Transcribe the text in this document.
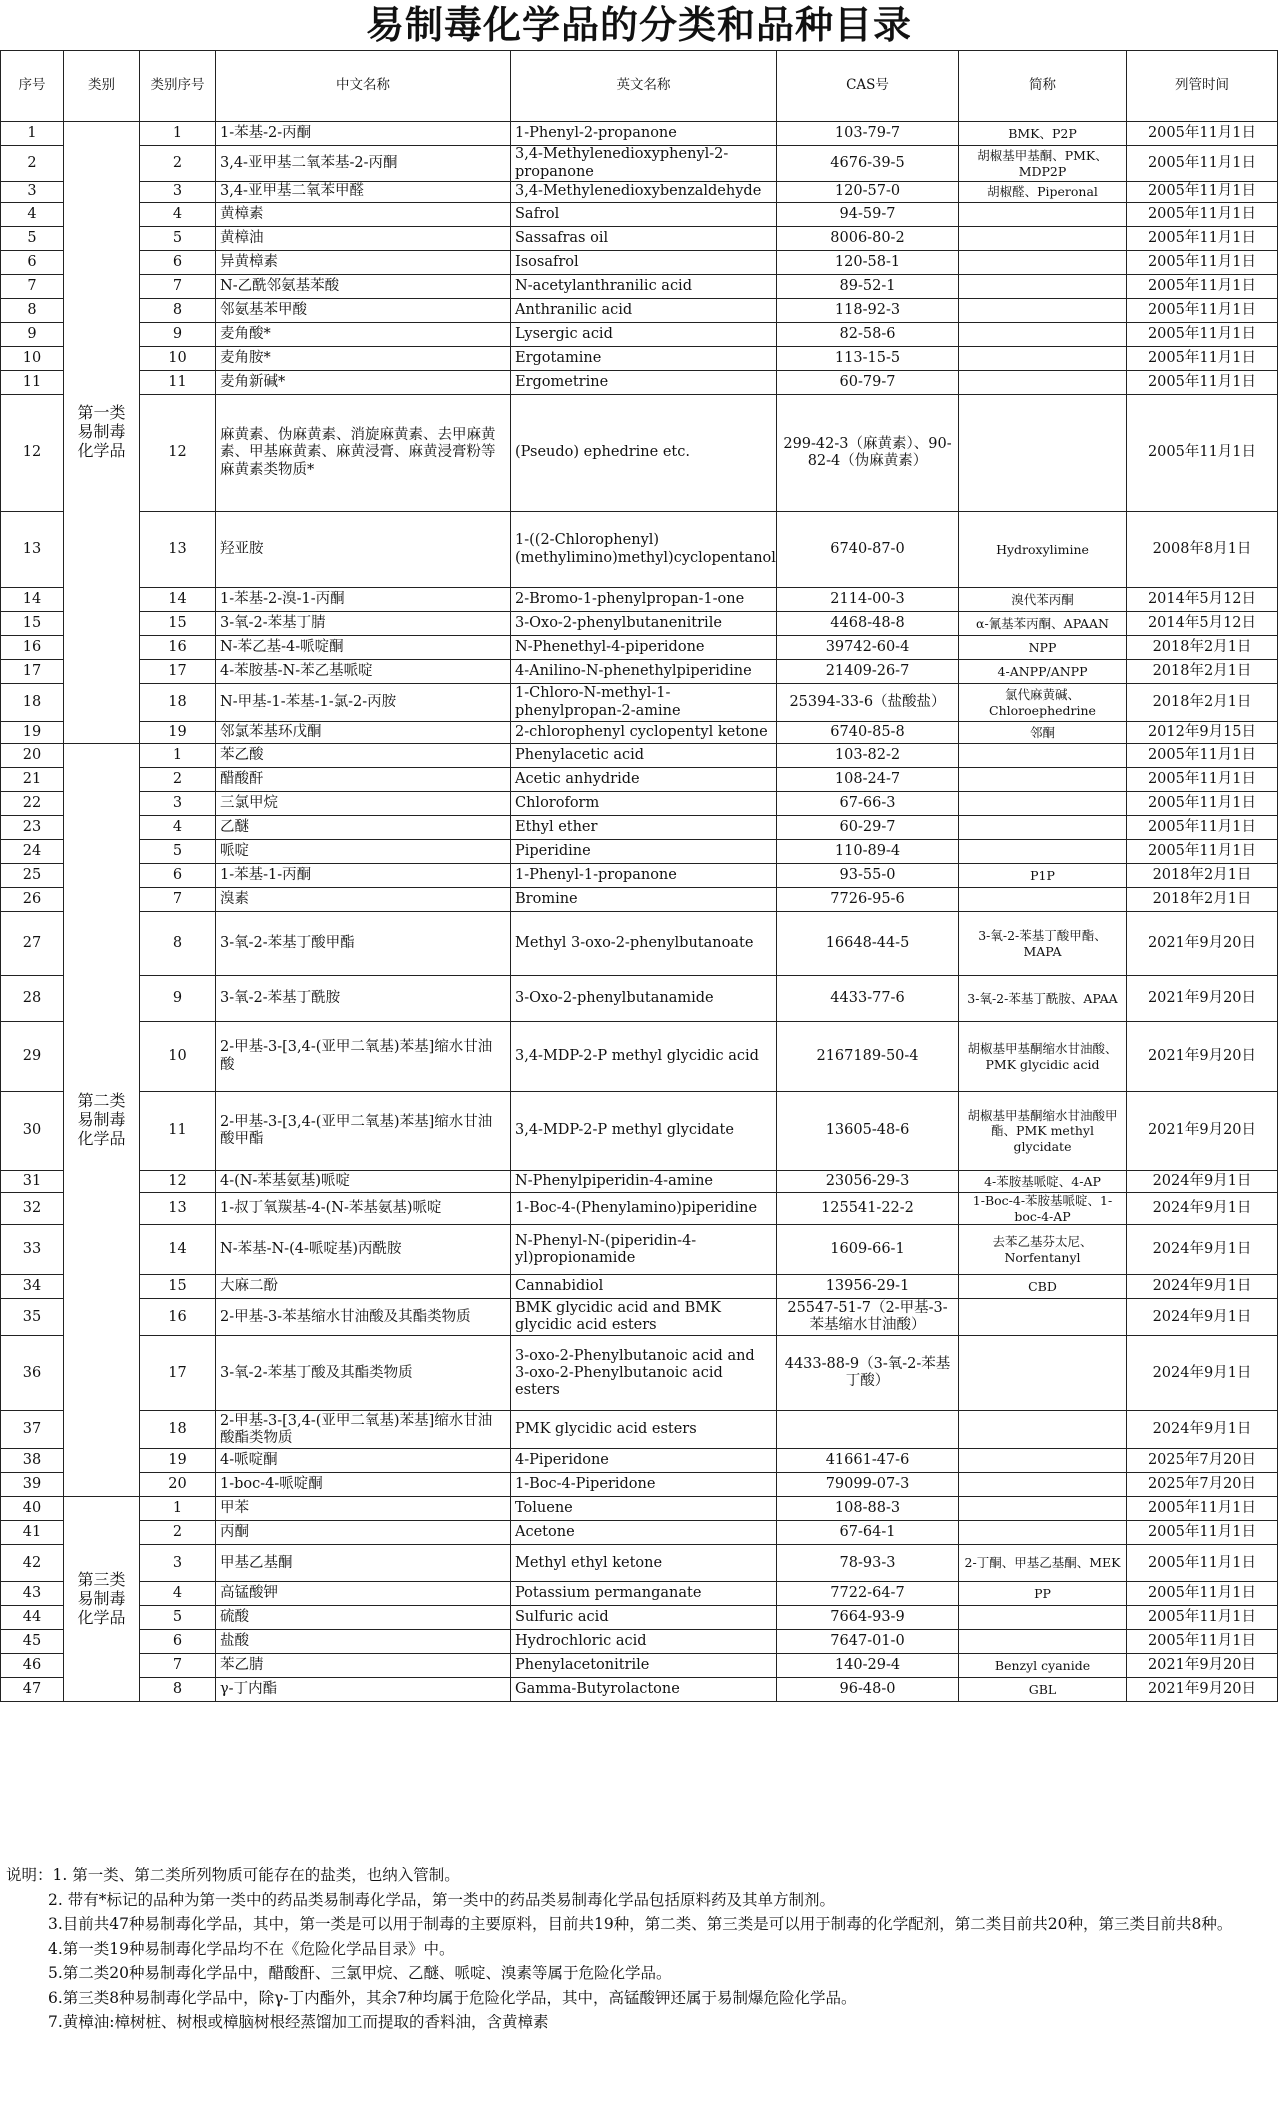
易制毒化学品的分类和品种目录
序号	类别	类别序号	中文名称	英文名称	CAS号	简称	列管时间
1	第一类易制毒化学品	1	1-苯基-2-丙酮	1-Phenyl-2-propanone	103-79-7	BMK、P2P	2005年11月1日
2		2	3,4-亚甲基二氧苯基-2-丙酮	3,4-Methylenedioxyphenyl-2-propanone	4676-39-5	胡椒基甲基酮、PMK、MDP2P	2005年11月1日
3		3	3,4-亚甲基二氧苯甲醛	3,4-Methylenedioxybenzaldehyde	120-57-0	胡椒醛、Piperonal	2005年11月1日
4		4	黄樟素	Safrol	94-59-7		2005年11月1日
5		5	黄樟油	Sassafras oil	8006-80-2		2005年11月1日
6		6	异黄樟素	Isosafrol	120-58-1		2005年11月1日
7		7	N-乙酰邻氨基苯酸	N-acetylanthranilic acid	89-52-1		2005年11月1日
8		8	邻氨基苯甲酸	Anthranilic acid	118-92-3		2005年11月1日
9		9	麦角酸*	Lysergic acid	82-58-6		2005年11月1日
10		10	麦角胺*	Ergotamine	113-15-5		2005年11月1日
11		11	麦角新碱*	Ergometrine	60-79-7		2005年11月1日
12		12	麻黄素、伪麻黄素、消旋麻黄素、去甲麻黄素、甲基麻黄素、麻黄浸膏、麻黄浸膏粉等麻黄素类物质*	(Pseudo) ephedrine etc.	299-42-3（麻黄素）、90-82-4（伪麻黄素）		2005年11月1日
13		13	羟亚胺	1-((2-Chlorophenyl)(methylimino)methyl)cyclopentanol	6740-87-0	Hydroxylimine	2008年8月1日
14		14	1-苯基-2-溴-1-丙酮	2-Bromo-1-phenylpropan-1-one	2114-00-3	溴代苯丙酮	2014年5月12日
15		15	3-氧-2-苯基丁腈	3-Oxo-2-phenylbutanenitrile	4468-48-8	α-氰基苯丙酮、APAAN	2014年5月12日
16		16	N-苯乙基-4-哌啶酮	N-Phenethyl-4-piperidone	39742-60-4	NPP	2018年2月1日
17		17	4-苯胺基-N-苯乙基哌啶	4-Anilino-N-phenethylpiperidine	21409-26-7	4-ANPP/ANPP	2018年2月1日
18		18	N-甲基-1-苯基-1-氯-2-丙胺	1-Chloro-N-methyl-1-phenylpropan-2-amine	25394-33-6（盐酸盐）	氯代麻黄碱、Chloroephedrine	2018年2月1日
19		19	邻氯苯基环戊酮	2-chlorophenyl cyclopentyl ketone	6740-85-8	邻酮	2012年9月15日
20	第二类易制毒化学品	1	苯乙酸	Phenylacetic acid	103-82-2		2005年11月1日
21		2	醋酸酐	Acetic anhydride	108-24-7		2005年11月1日
22		3	三氯甲烷	Chloroform	67-66-3		2005年11月1日
23		4	乙醚	Ethyl ether	60-29-7		2005年11月1日
24		5	哌啶	Piperidine	110-89-4		2005年11月1日
25		6	1-苯基-1-丙酮	1-Phenyl-1-propanone	93-55-0	P1P	2018年2月1日
26		7	溴素	Bromine	7726-95-6		2018年2月1日
27		8	3-氧-2-苯基丁酸甲酯	Methyl 3-oxo-2-phenylbutanoate	16648-44-5	3-氧-2-苯基丁酸甲酯、MAPA	2021年9月20日
28		9	3-氧-2-苯基丁酰胺	3-Oxo-2-phenylbutanamide	4433-77-6	3-氧-2-苯基丁酰胺、APAA	2021年9月20日
29		10	2-甲基-3-[3,4-(亚甲二氧基)苯基]缩水甘油酸	3,4-MDP-2-P methyl glycidic acid	2167189-50-4	胡椒基甲基酮缩水甘油酸、PMK glycidic acid	2021年9月20日
30		11	2-甲基-3-[3,4-(亚甲二氧基)苯基]缩水甘油酸甲酯	3,4-MDP-2-P methyl glycidate	13605-48-6	胡椒基甲基酮缩水甘油酸甲酯、PMK methyl glycidate	2021年9月20日
31		12	4-(N-苯基氨基)哌啶	N-Phenylpiperidin-4-amine	23056-29-3	4-苯胺基哌啶、4-AP	2024年9月1日
32		13	1-叔丁氧羰基-4-(N-苯基氨基)哌啶	1-Boc-4-(Phenylamino)piperidine	125541-22-2	1-Boc-4-苯胺基哌啶、1-boc-4-AP	2024年9月1日
33		14	N-苯基-N-(4-哌啶基)丙酰胺	N-Phenyl-N-(piperidin-4-yl)propionamide	1609-66-1	去苯乙基芬太尼、Norfentanyl	2024年9月1日
34		15	大麻二酚	Cannabidiol	13956-29-1	CBD	2024年9月1日
35		16	2-甲基-3-苯基缩水甘油酸及其酯类物质	BMK glycidic acid and BMK glycidic acid esters	25547-51-7（2-甲基-3-苯基缩水甘油酸）		2024年9月1日
36		17	3-氧-2-苯基丁酸及其酯类物质	3-oxo-2-Phenylbutanoic acid and 3-oxo-2-Phenylbutanoic acid esters	4433-88-9（3-氧-2-苯基丁酸）		2024年9月1日
37		18	2-甲基-3-[3,4-(亚甲二氧基)苯基]缩水甘油酸酯类物质	PMK glycidic acid esters			2024年9月1日
38		19	4-哌啶酮	4-Piperidone	41661-47-6		2025年7月20日
39		20	1-boc-4-哌啶酮	1-Boc-4-Piperidone	79099-07-3		2025年7月20日
40	第三类易制毒化学品	1	甲苯	Toluene	108-88-3		2005年11月1日
41		2	丙酮	Acetone	67-64-1		2005年11月1日
42		3	甲基乙基酮	Methyl ethyl ketone	78-93-3	2-丁酮、甲基乙基酮、MEK	2005年11月1日
43		4	高锰酸钾	Potassium permanganate	7722-64-7	PP	2005年11月1日
44		5	硫酸	Sulfuric acid	7664-93-9		2005年11月1日
45		6	盐酸	Hydrochloric acid	7647-01-0		2005年11月1日
46		7	苯乙腈	Phenylacetonitrile	140-29-4	Benzyl cyanide	2021年9月20日
47		8	γ-丁内酯	Gamma-Butyrolactone	96-48-0	GBL	2021年9月20日

说明：1. 第一类、第二类所列物质可能存在的盐类，也纳入管制。

2. 带有*标记的品种为第一类中的药品类易制毒化学品，第一类中的药品类易制毒化学品包括原料药及其单方制剂。

3.目前共47种易制毒化学品，其中，第一类是可以用于制毒的主要原料，目前共19种，第二类、第三类是可以用于制毒的化学配剂，第二类目前共20种，第三类目前共8种。

4.第一类19种易制毒化学品均不在《危险化学品目录》中。

5.第二类20种易制毒化学品中，醋酸酐、三氯甲烷、乙醚、哌啶、溴素等属于危险化学品。

6.第三类8种易制毒化学品中，除γ-丁内酯外，其余7种均属于危险化学品，其中，高锰酸钾还属于易制爆危险化学品。

7.黄樟油:樟树桩、树根或樟脑树根经蒸馏加工而提取的香料油，含黄樟素
